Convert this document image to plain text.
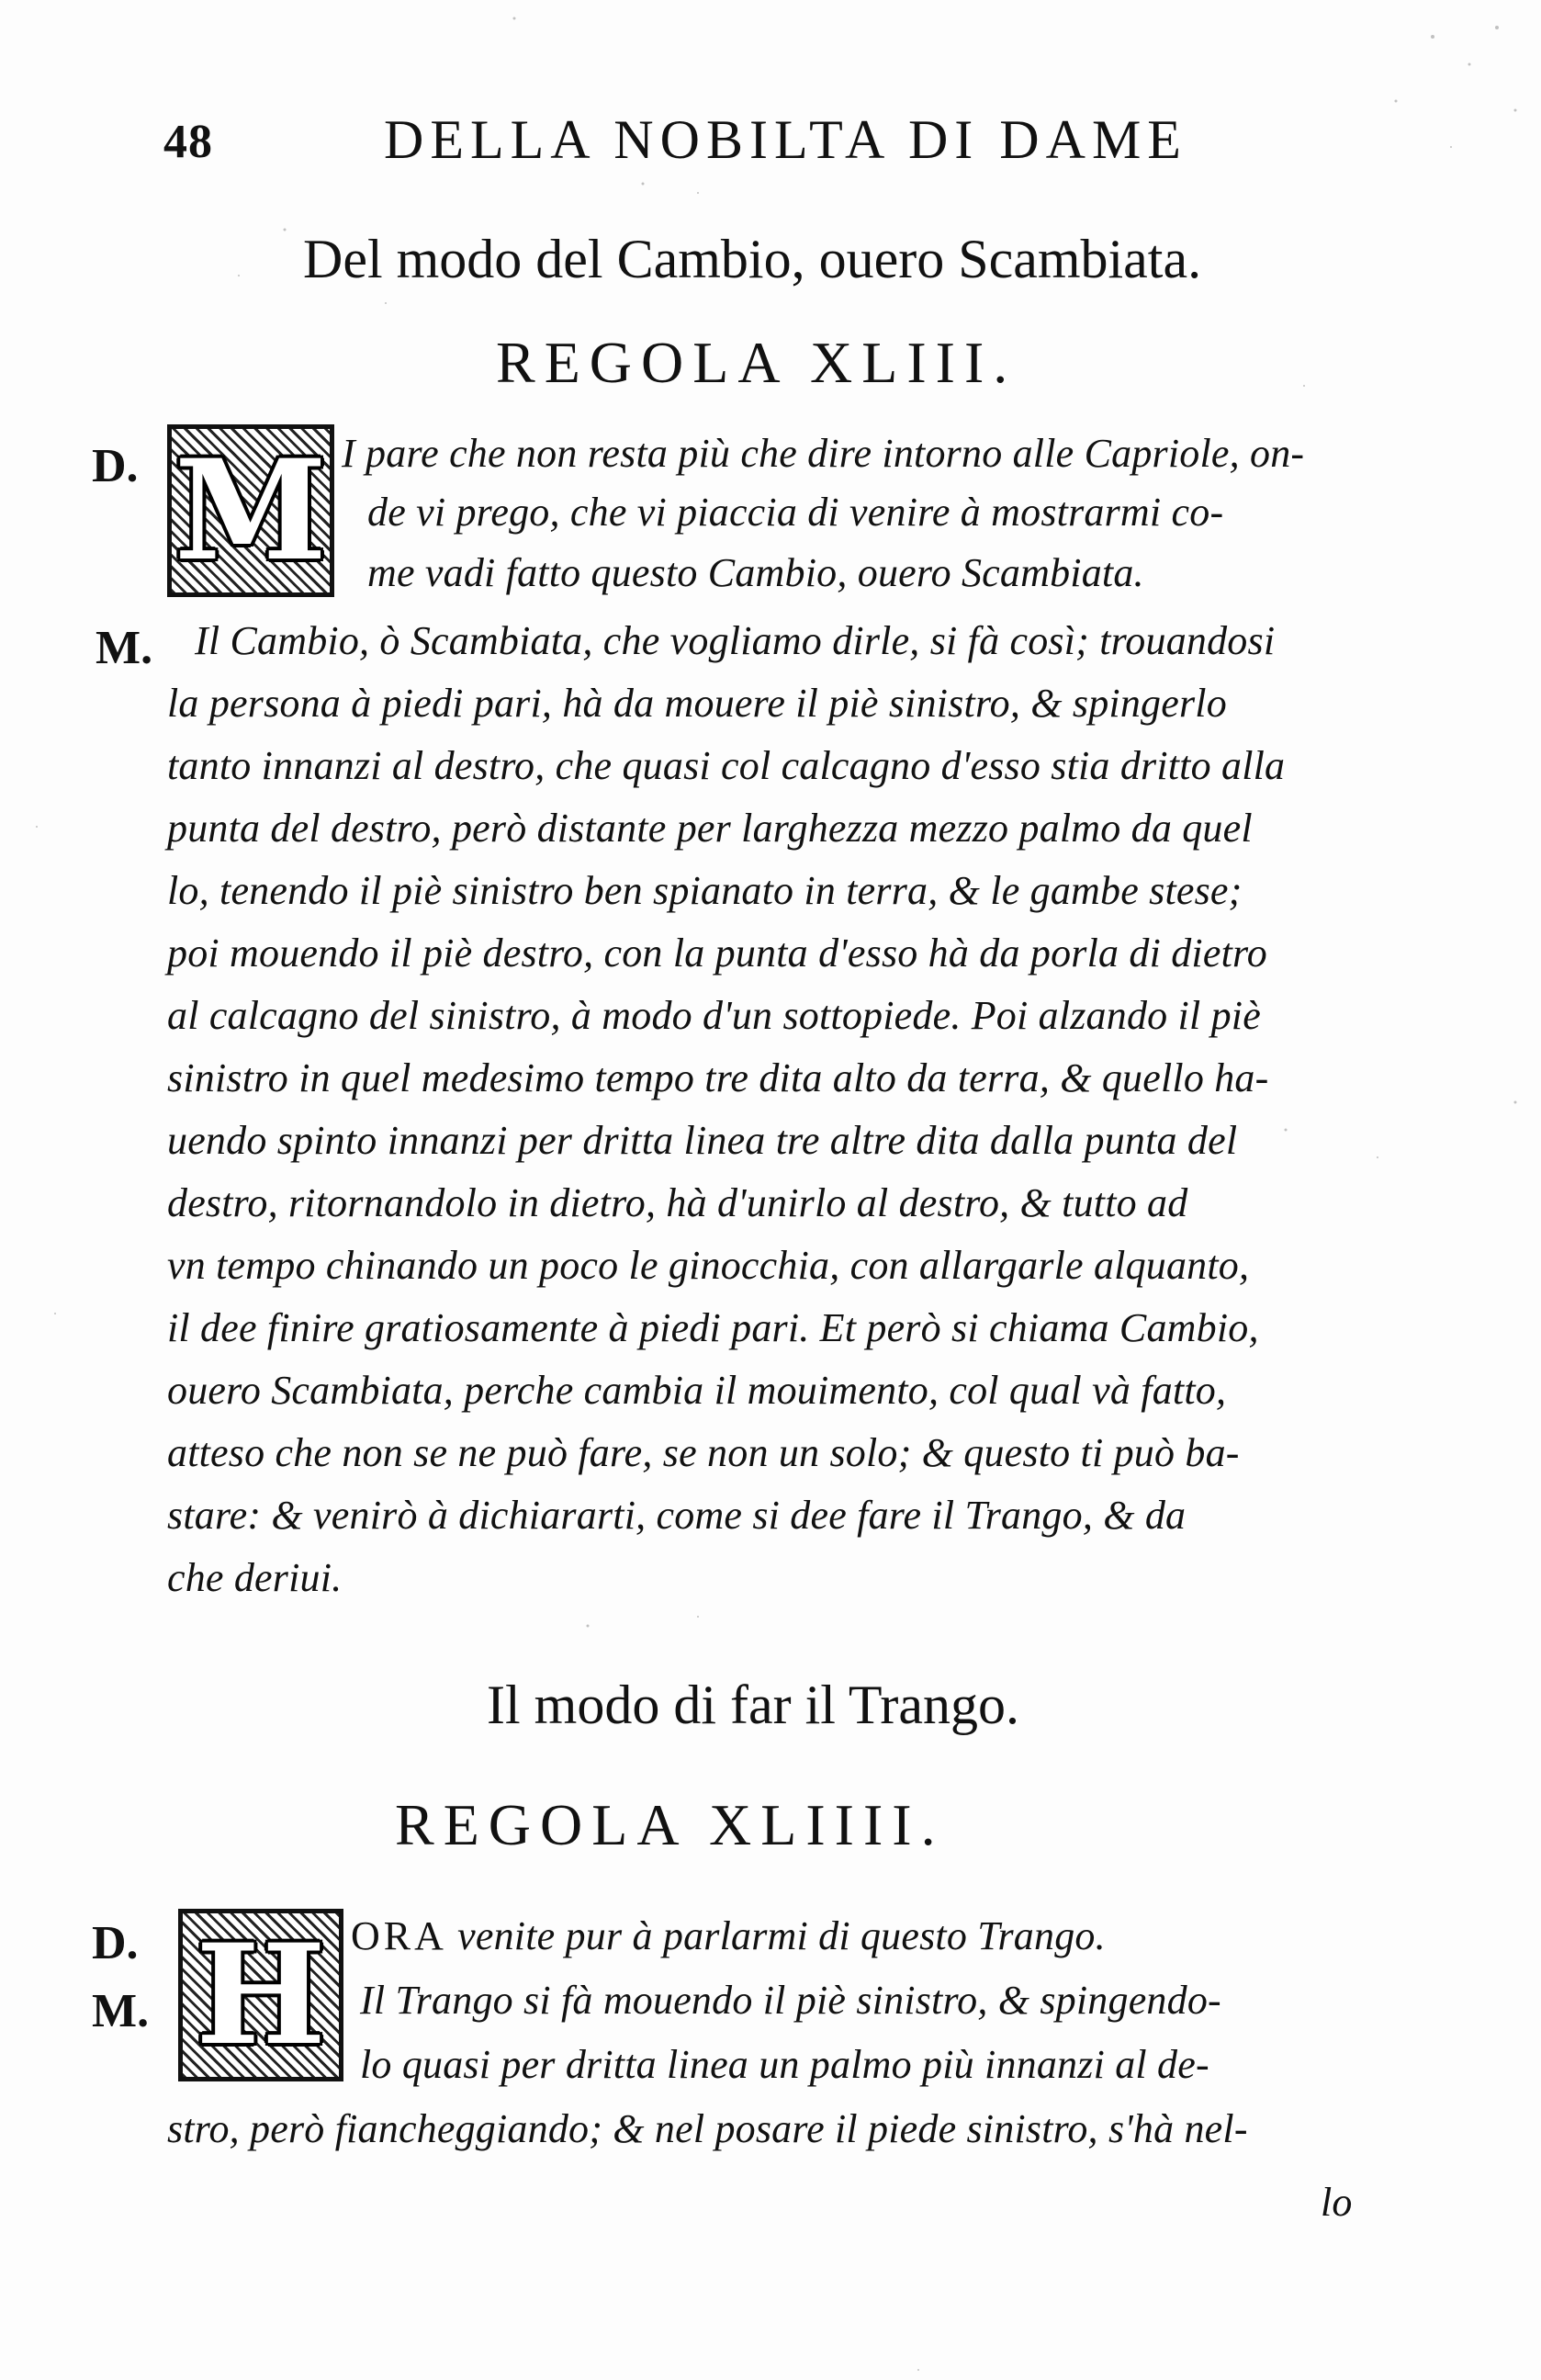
48	DELLA NOBILTA DI DAME
Del modo del Cambio, ouero Scambiata.
REGOLA XLIII.
D. M I pare che non resta più che dire intorno alle Capriole, on-
de vi prego, che vi piaccia di venire à mostrarmi co-
me vadi fatto questo Cambio, ouero Scambiata.
M. Il Cambio, ò Scambiata, che vogliamo dirle, si fà così; trouandosi
la persona à piedi pari, hà da mouere il piè sinistro, & spingerlo
tanto innanzi al destro, che quasi col calcagno d'esso stia dritto alla
punta del destro, però distante per larghezza mezzo palmo da quel
lo, tenendo il piè sinistro ben spianato in terra, & le gambe stese;
poi mouendo il piè destro, con la punta d'esso hà da porla di dietro
al calcagno del sinistro, à modo d'un sottopiede. Poi alzando il piè
sinistro in quel medesimo tempo tre dita alto da terra, & quello ha-
uendo spinto innanzi per dritta linea tre altre dita dalla punta del
destro, ritornandolo in dietro, hà d'unirlo al destro, & tutto ad
vn tempo chinando un poco le ginocchia, con allargarle alquanto,
il dee finire gratiosamente à piedi pari. Et però si chiama Cambio,
ouero Scambiata, perche cambia il mouimento, col qual và fatto,
atteso che non se ne può fare, se non un solo; & questo ti può ba-
stare: & venirò à dichiararti, come si dee fare il Trango, & da
che deriui.
Il modo di far il Trango.
REGOLA XLIIII.
D.
M. H ORA venite pur à parlarmi di questo Trango.
Il Trango si fà mouendo il piè sinistro, & spingendo-
lo quasi per dritta linea un palmo più innanzi al de-
stro, però fiancheggiando; & nel posare il piede sinistro, s'hà nel-
lo
